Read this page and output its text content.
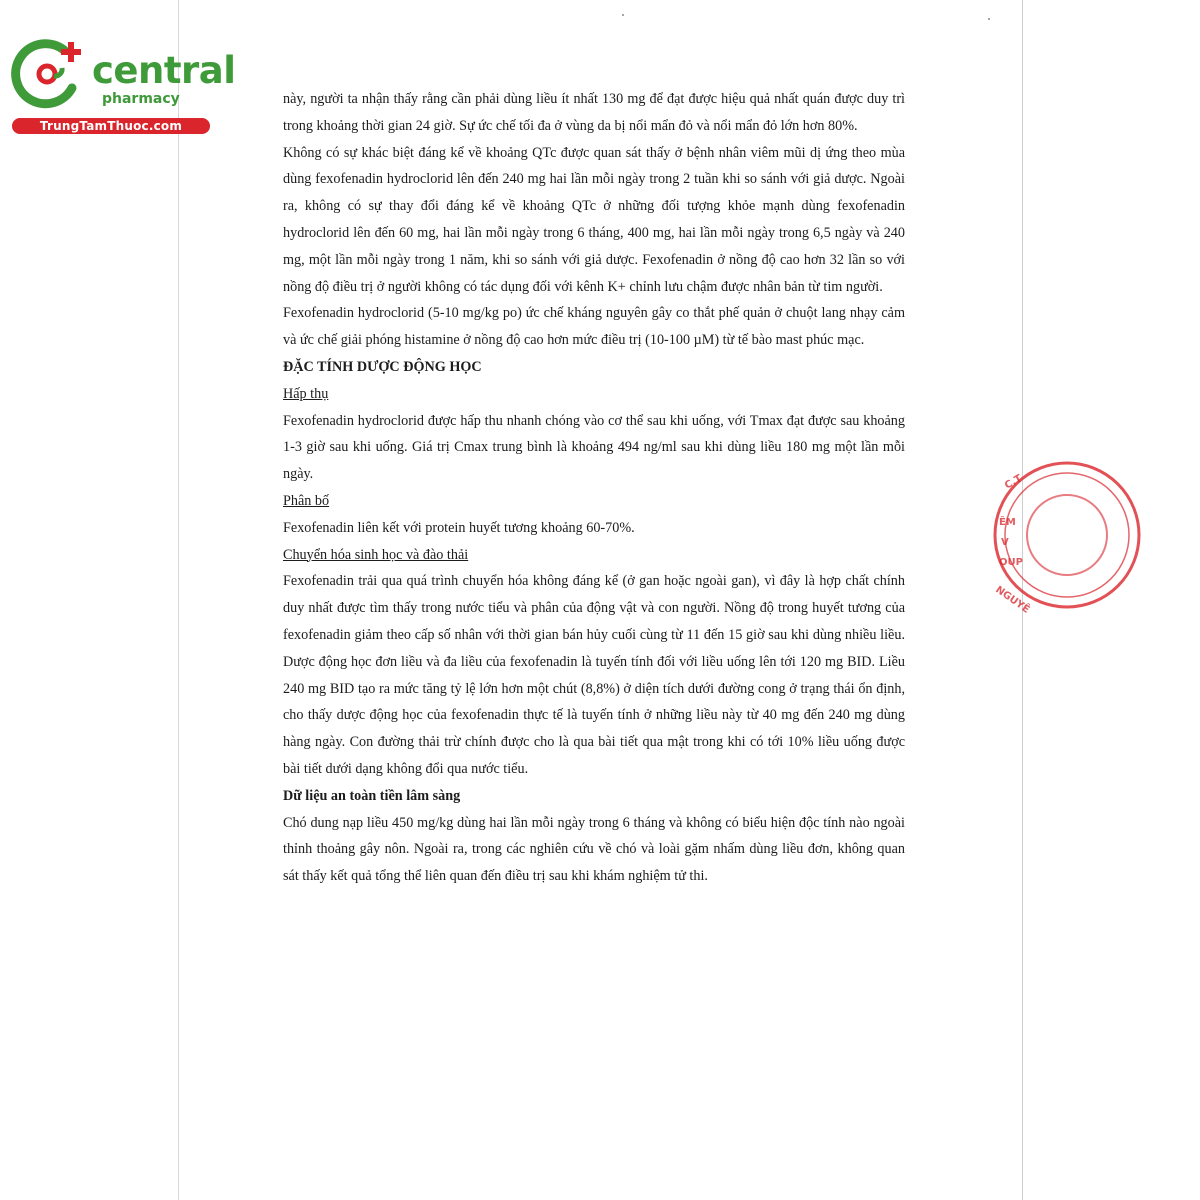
central
pharmacy
TrungTamThuoc.com
C.T
ÊM
V
OUP
NGUYÊ

này, người ta nhận thấy rằng cần phải dùng liều ít nhất 130 mg để đạt được hiệu quả nhất quán được duy trì trong khoảng thời gian 24 giờ. Sự ức chế tối đa ở vùng da bị nổi mẩn đỏ và nổi mẩn đỏ lớn hơn 80%.

Không có sự khác biệt đáng kể về khoảng QTc được quan sát thấy ở bệnh nhân viêm mũi dị ứng theo mùa dùng fexofenadin hydroclorid lên đến 240 mg hai lần mỗi ngày trong 2 tuần khi so sánh với giả dược. Ngoài ra, không có sự thay đổi đáng kể về khoảng QTc ở những đối tượng khỏe mạnh dùng fexofenadin hydroclorid lên đến 60 mg, hai lần mỗi ngày trong 6 tháng, 400 mg, hai lần mỗi ngày trong 6,5 ngày và 240 mg, một lần mỗi ngày trong 1 năm, khi so sánh với giả dược. Fexofenadin ở nồng độ cao hơn 32 lần so với nồng độ điều trị ở người không có tác dụng đối với kênh K+ chỉnh lưu chậm được nhân bản từ tim người.

Fexofenadin hydroclorid (5-10 mg/kg po) ức chế kháng nguyên gây co thắt phế quản ở chuột lang nhạy cảm và ức chế giải phóng histamine ở nồng độ cao hơn mức điều trị (10-100 µM) từ tế bào mast phúc mạc.

ĐẶC TÍNH DƯỢC ĐỘNG HỌC

Hấp thụ

Fexofenadin hydroclorid được hấp thu nhanh chóng vào cơ thể sau khi uống, với Tmax đạt được sau khoảng 1-3 giờ sau khi uống. Giá trị Cmax trung bình là khoảng 494 ng/ml sau khi dùng liều 180 mg một lần mỗi ngày.

Phân bố

Fexofenadin liên kết với protein huyết tương khoảng 60-70%.

Chuyển hóa sinh học và đào thải

Fexofenadin trải qua quá trình chuyển hóa không đáng kể (ở gan hoặc ngoài gan), vì đây là hợp chất chính duy nhất được tìm thấy trong nước tiểu và phân của động vật và con người. Nồng độ trong huyết tương của fexofenadin giảm theo cấp số nhân với thời gian bán hủy cuối cùng từ 11 đến 15 giờ sau khi dùng nhiều liều. Dược động học đơn liều và đa liều của fexofenadin là tuyến tính đối với liều uống lên tới 120 mg BID. Liều 240 mg BID tạo ra mức tăng tỷ lệ lớn hơn một chút (8,8%) ở diện tích dưới đường cong ở trạng thái ổn định, cho thấy dược động học của fexofenadin thực tế là tuyến tính ở những liều này từ 40 mg đến 240 mg dùng hàng ngày. Con đường thải trừ chính được cho là qua bài tiết qua mật trong khi có tới 10% liều uống được bài tiết dưới dạng không đổi qua nước tiểu.

Dữ liệu an toàn tiền lâm sàng

Chó dung nạp liều 450 mg/kg dùng hai lần mỗi ngày trong 6 tháng và không có biểu hiện độc tính nào ngoài thỉnh thoảng gây nôn. Ngoài ra, trong các nghiên cứu về chó và loài gặm nhấm dùng liều đơn, không quan sát thấy kết quả tổng thể liên quan đến điều trị sau khi khám nghiệm tử thi.
